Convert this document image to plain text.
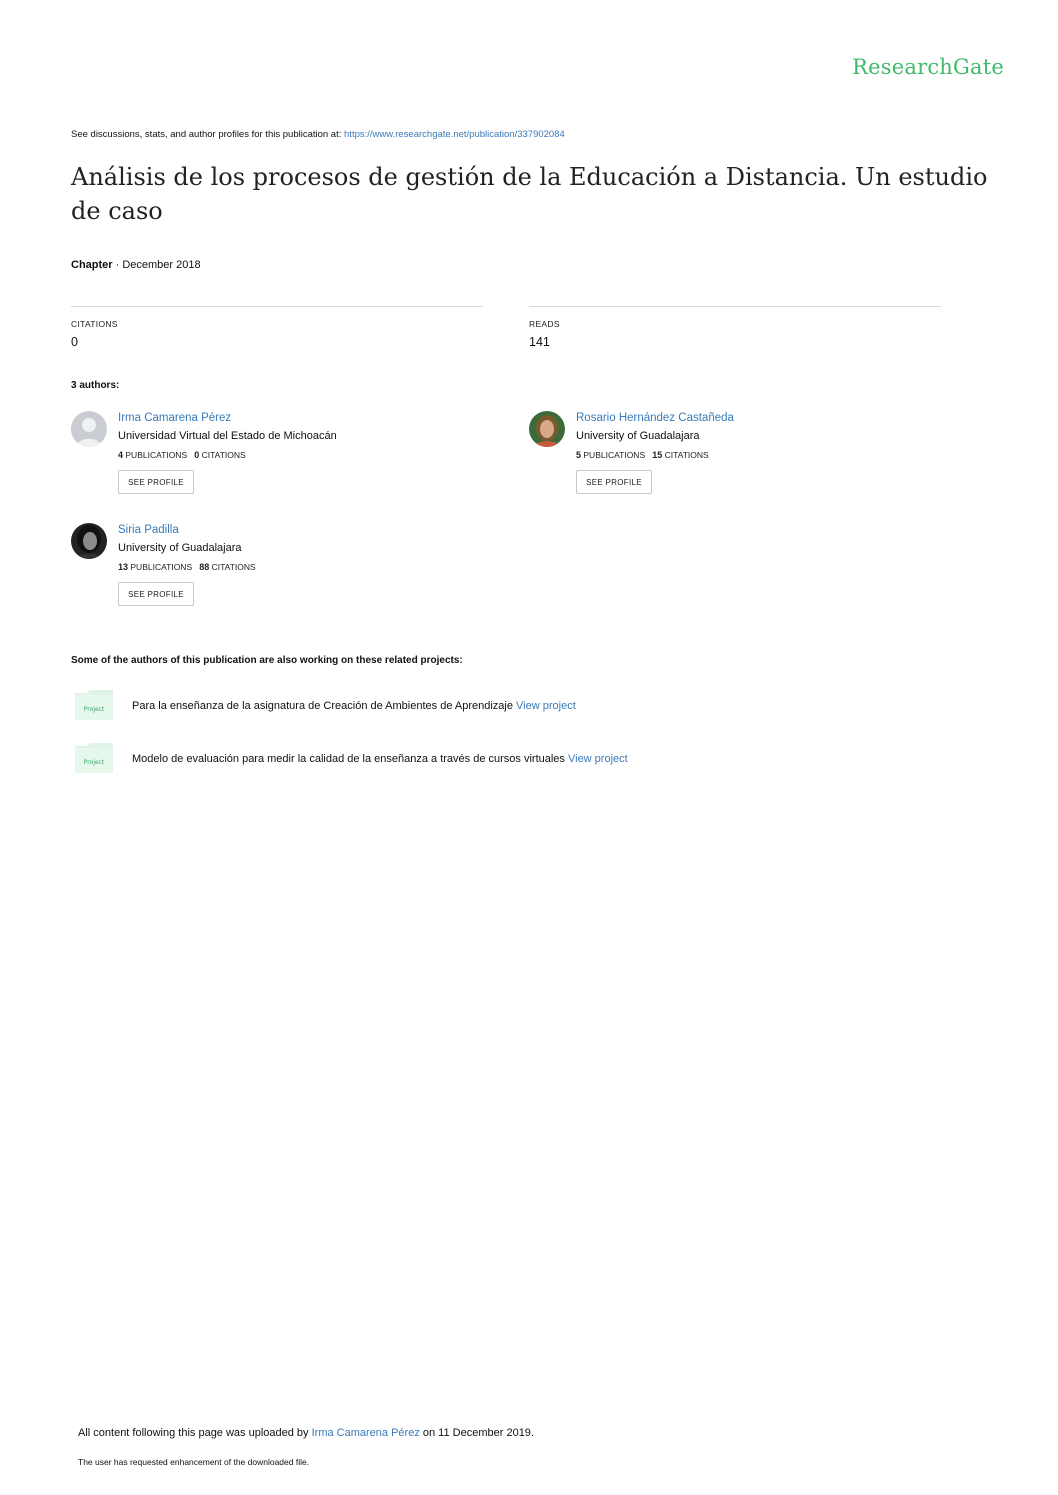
ResearchGate
See discussions, stats, and author profiles for this publication at: https://www.researchgate.net/publication/337902084
Análisis de los procesos de gestión de la Educación a Distancia. Un estudio de caso
Chapter · December 2018
CITATIONS
0
READS
141
3 authors:
Irma Camarena Pérez
Universidad Virtual del Estado de Michoacán
4 PUBLICATIONS 0 CITATIONS
SEE PROFILE
Rosario Hernández Castañeda
University of Guadalajara
5 PUBLICATIONS 15 CITATIONS
SEE PROFILE
Siria Padilla
University of Guadalajara
13 PUBLICATIONS 88 CITATIONS
SEE PROFILE
Some of the authors of this publication are also working on these related projects:
Project	Para la enseñanza de la asignatura de Creación de Ambientes de Aprendizaje View project
Project	Modelo de evaluación para medir la calidad de la enseñanza a través de cursos virtuales View project
All content following this page was uploaded by Irma Camarena Pérez on 11 December 2019.
The user has requested enhancement of the downloaded file.
